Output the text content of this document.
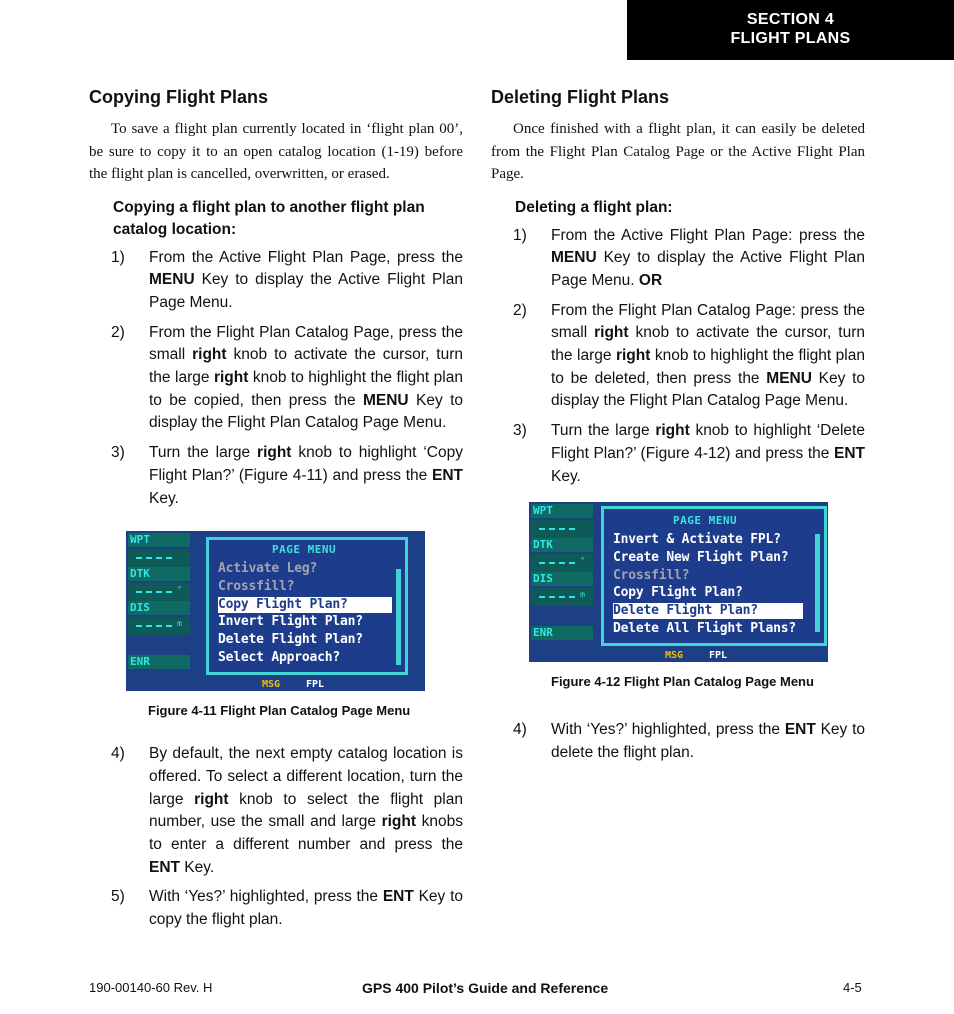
SECTION 4
FLIGHT PLANS
Copying Flight Plans

To save a flight plan currently located in ‘flight plan 00’, be sure to copy it to an open catalog location (1-19) before the flight plan is cancelled, overwritten, or erased.

Copying a flight plan to another flight plan catalog location:
1)	From the Active Flight Plan Page, press the MENU Key to display the Active Flight Plan Page Menu.
2)	From the Flight Plan Catalog Page, press the small right knob to activate the cursor, turn the large right knob to highlight the flight plan to be copied, then press the MENU Key to display the Flight Plan Catalog Page Menu.
3)	Turn the large right knob to highlight ‘Copy Flight Plan?’ (Figure 4-11) and press the ENT Key.
WPT
DTK
°
DIS
m
ENR
PAGE MENU
MSG	FPL
Activate Leg?
Crossfill?
Copy Flight Plan?
Invert Flight Plan?
Delete Flight Plan?
Select Approach?
Figure 4-11 Flight Plan Catalog Page Menu
4)	By default, the next empty catalog location is offered. To select a different location, turn the large right knob to select the flight plan number, use the small and large right knobs to enter a different number and press the ENT Key.
5)	With ‘Yes?’ highlighted, press the ENT Key to copy the flight plan.
Deleting Flight Plans

Once finished with a flight plan, it can easily be deleted from the Flight Plan Catalog Page or the Active Flight Plan Page.

Deleting a flight plan:
1)	From the Active Flight Plan Page: press the MENU Key to display the Active Flight Plan Page Menu. OR
2)	From the Flight Plan Catalog Page: press the small right knob to activate the cursor, turn the large right knob to highlight the flight plan to be deleted, then press the MENU Key to display the Flight Plan Catalog Page Menu.
3)	Turn the large right knob to highlight ‘Delete Flight Plan?’ (Figure 4-12) and press the ENT Key.
WPT
DTK
°
DIS
m
ENR
PAGE MENU
MSG	FPL
Invert & Activate FPL?
Create New Flight Plan?
Crossfill?
Copy Flight Plan?
Delete Flight Plan?
Delete All Flight Plans?
Figure 4-12 Flight Plan Catalog Page Menu
4)	With ‘Yes?’ highlighted, press the ENT Key to delete the flight plan.
190-00140-60 Rev. H	GPS 400 Pilot’s Guide and Reference	4-5
